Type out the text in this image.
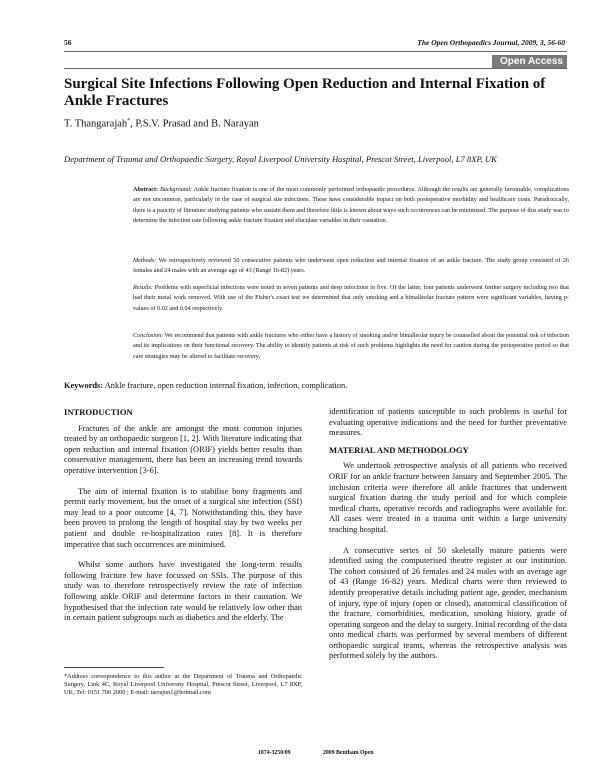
56	The Open Orthopaedics Journal, 2009, 3, 56-60
Open Access
Surgical Site Infections Following Open Reduction and Internal Fixation of Ankle Fractures
T. Thangarajah*, P.S.V. Prasad and B. Narayan
Department of Trauma and Orthopaedic Surgery, Royal Liverpool University Hospital, Prescot Street, Liverpool, L7 8XP, UK
Abstract: Background: Ankle fracture fixation is one of the most commonly performed orthopaedic procedures. Although the results are generally favourable, complications are not uncommon, particularly in the case of surgical site infections. These have considerable impact on both postoperative morbidity and healthcare costs. Paradoxically, there is a paucity of literature studying patients who sustain them and therefore little is known about ways such occurrences can be minimised. The purpose of this study was to determine the infection rate following ankle fracture fixation and elucidate variables in their causation.
Methods: We retrospectively reviewed 50 consecutive patients who underwent open reduction and internal fixation of an ankle fracture. The study group consisted of 26 females and 24 males with an average age of 43 (Range 16-82) years.
Results: Problems with superficial infections were noted in seven patients and deep infections in five. Of the latter, four patients underwent further surgery including two that had their metal work removed. With use of the Fisher's exact test we determined that only smoking and a bimalleolar fracture pattern were significant variables, having p-values of 0.02 and 0.04 respectively.
Conclusion: We recommend that patients with ankle fractures who either have a history of smoking and/or bimalleolar injury be counselled about the potential risk of infection and its implications on their functional recovery. The ability to identify patients at risk of such problems highlights the need for caution during the perioperative period so that care strategies may be altered to facilitate recovery.
Keywords: Ankle fracture, open reduction internal fixation, infection, complication.
INTRODUCTION

Fractures of the ankle are amongst the most common injuries treated by an orthopaedic surgeon [1, 2]. With literature indicating that open reduction and internal fixation (ORIF) yields better results than conservative management, there has been an increasing trend towards operative intervention [3-6].

The aim of internal fixation is to stabilise bony fragments and permit early movement, but the onset of a surgical site infection (SSI) may lead to a poor outcome [4, 7]. Notwithstanding this, they have been proven to prolong the length of hospital stay by two weeks per patient and double re-hospitalization rates [8]. It is therefore imperative that such occurrences are minimised.

Whilst some authors have investigated the long-term results following fracture few have focussed on SSIs. The purpose of this study was to therefore retrospectively review the rate of infection following ankle ORIF and determine factors in their causation. We hypothesised that the infection rate would be relatively low other than in certain patient subgroups such as diabetics and the elderly. The

*Address correspondence to this author at the Department of Trauma and Orthopaedic Surgery, Link 4C, Royal Liverpool University Hospital, Prescot Street, Liverpool, L7 8XP, UK; Tel: 0151 706 2000 ; E-mail: tarrajon1@hotmail.com

identification of patients susceptible to such problems is useful for evaluating operative indications and the need for further preventative measures.

MATERIAL AND METHODOLOGY

We undertook retrospective analysis of all patients who received ORIF for an ankle fracture between January and September 2005. The inclusion criteria were therefore all ankle fractures that underwent surgical fixation during the study period and for which complete medical charts, operative records and radiographs were available for. All cases were treated in a trauma unit within a large university teaching hospital.

A consecutive series of 50 skeletally mature patients were identified using the computerised theatre register at our institution. The cohort consisted of 26 females and 24 males with an average age of 43 (Range 16-82) years. Medical charts were then reviewed to identify preoperative details including patient age, gender, mechanism of injury, type of injury (open or closed), anatomical classification of the fracture, comorbidities, medication, smoking history, grade of operating surgeon and the delay to surgery. Initial recording of the data onto medical charts was performed by several members of different orthopaedic surgical teams, whereas the retrospective analysis was performed solely by the authors.

1874-3250/09	2009 Bentham Open
